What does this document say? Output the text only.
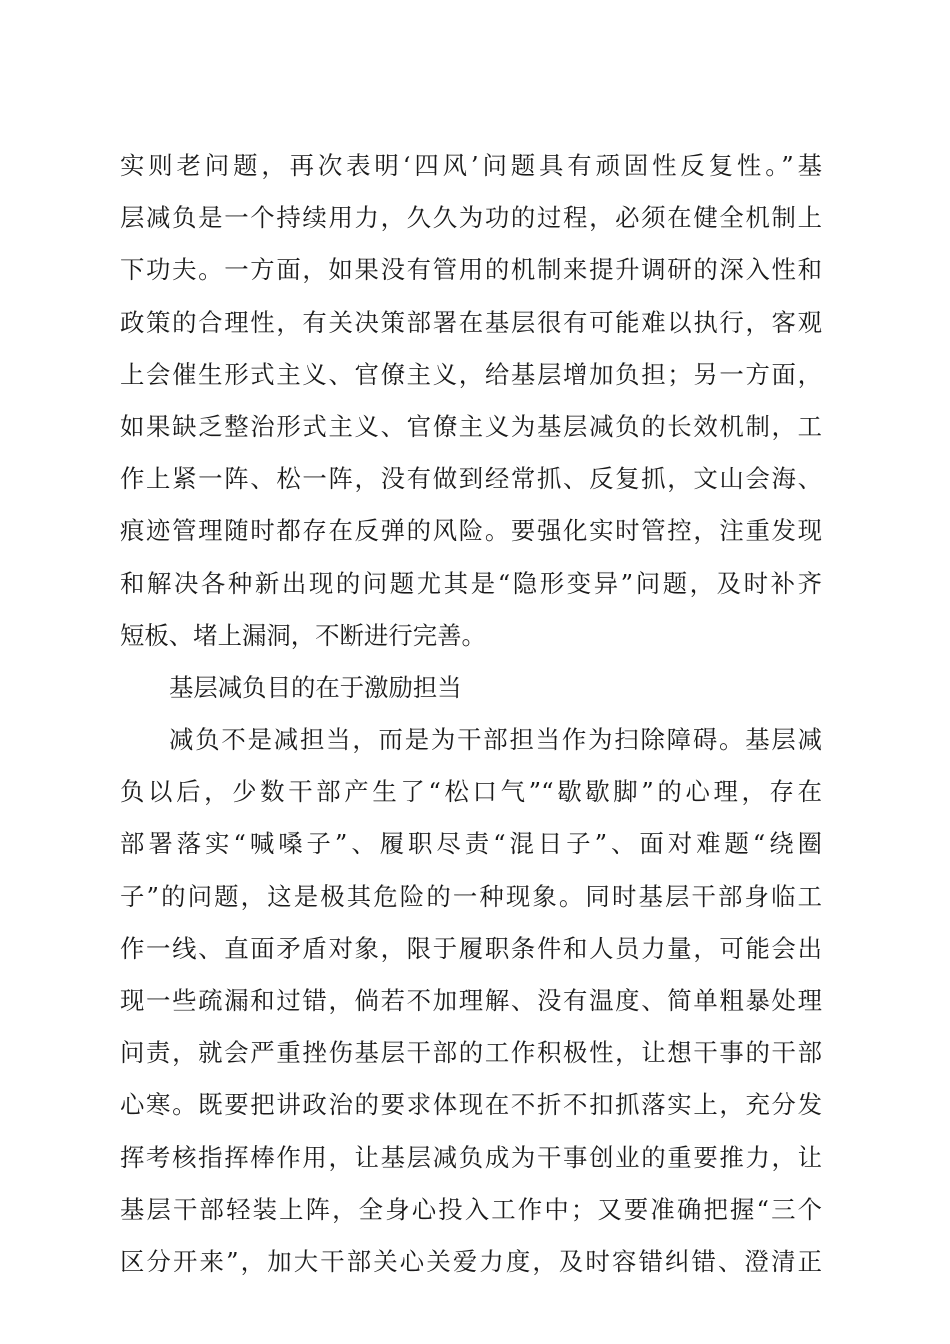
实则老问题，再次表明‘四风’问题具有顽固性反复性。”基
层减负是一个持续用力，久久为功的过程，必须在健全机制上
下功夫。一方面，如果没有管用的机制来提升调研的深入性和
政策的合理性，有关决策部署在基层很有可能难以执行，客观
上会催生形式主义、官僚主义，给基层增加负担；另一方面，
如果缺乏整治形式主义、官僚主义为基层减负的长效机制，工
作上紧一阵、松一阵，没有做到经常抓、反复抓，文山会海、
痕迹管理随时都存在反弹的风险。要强化实时管控，注重发现
和解决各种新出现的问题尤其是“隐形变异”问题，及时补齐
短板、堵上漏洞，不断进行完善。
基层减负目的在于激励担当
减负不是减担当，而是为干部担当作为扫除障碍。基层减
负以后，少数干部产生了“松口气”“歇歇脚”的心理，存在
部署落实“喊嗓子”、履职尽责“混日子”、面对难题“绕圈
子”的问题，这是极其危险的一种现象。同时基层干部身临工
作一线、直面矛盾对象，限于履职条件和人员力量，可能会出
现一些疏漏和过错，倘若不加理解、没有温度、简单粗暴处理
问责，就会严重挫伤基层干部的工作积极性，让想干事的干部
心寒。既要把讲政治的要求体现在不折不扣抓落实上，充分发
挥考核指挥棒作用，让基层减负成为干事创业的重要推力，让
基层干部轻装上阵，全身心投入工作中；又要准确把握“三个
区分开来”，加大干部关心关爱力度，及时容错纠错、澄清正
